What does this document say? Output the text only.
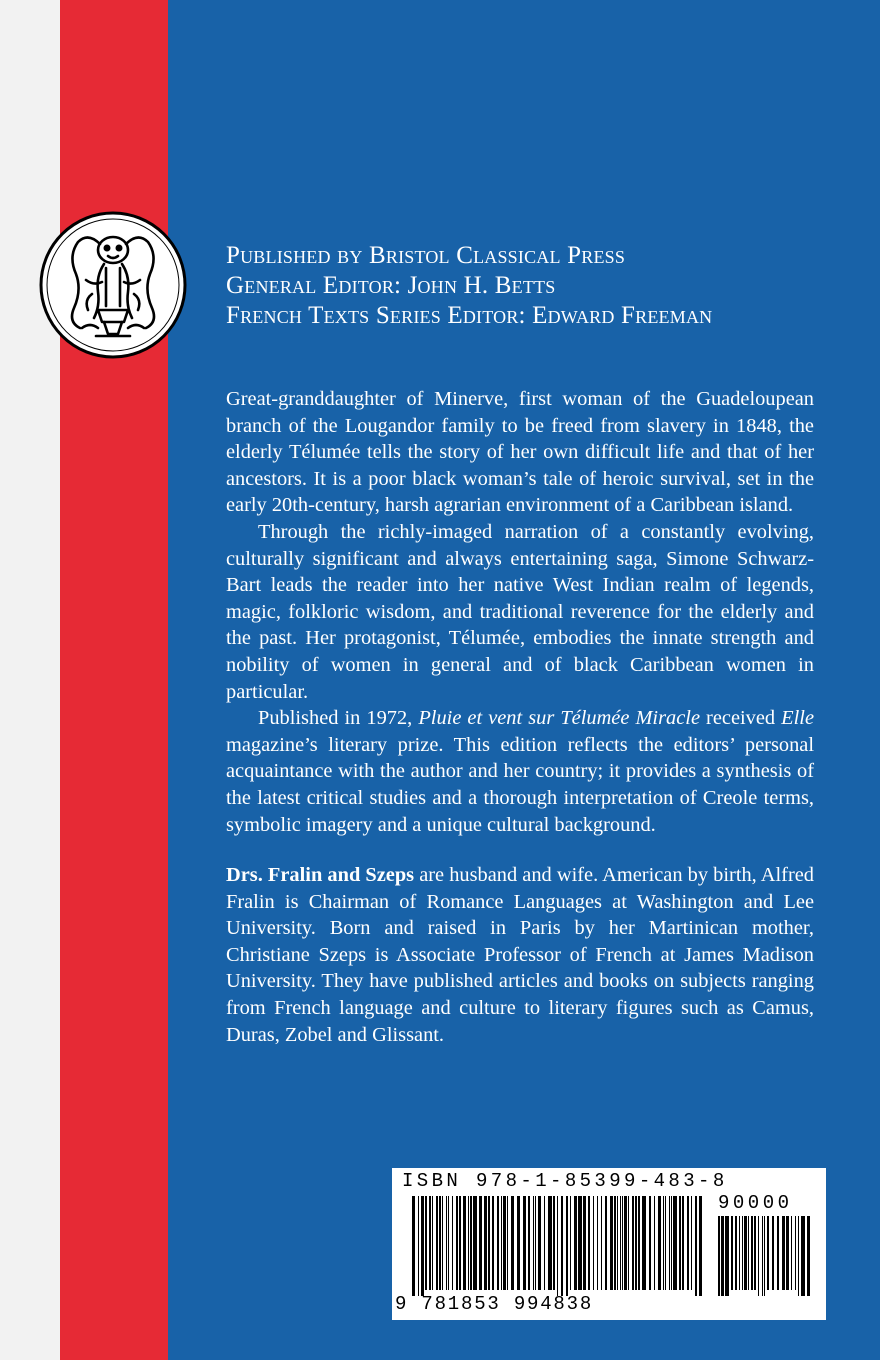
Published by Bristol Classical Press
General Editor: John H. Betts
French Texts Series Editor: Edward Freeman

Great-granddaughter of Minerve, first woman of the Guadeloupean branch of the Lougandor family to be freed from slavery in 1848, the elderly Télumée tells the story of her own difficult life and that of her ancestors. It is a poor black woman’s tale of heroic survival, set in the early 20th-century, harsh agrarian environment of a Caribbean island.

Through the richly-imaged narration of a constantly evolving, culturally significant and always entertaining saga, Simone Schwarz-Bart leads the reader into her native West Indian realm of legends, magic, folkloric wisdom, and traditional reverence for the elderly and the past. Her protagonist, Télumée, embodies the innate strength and nobility of women in general and of black Caribbean women in particular.

Published in 1972, Pluie et vent sur Télumée Miracle received Elle magazine’s literary prize. This edition reflects the editors’ personal acquaintance with the author and her country; it provides a synthesis of the latest critical studies and a thorough interpretation of Creole terms, symbolic imagery and a unique cultural background.

Drs. Fralin and Szeps are husband and wife. American by birth, Alfred Fralin is Chairman of Romance Languages at Washington and Lee University. Born and raised in Paris by her Martinican mother, Christiane Szeps is Associate Professor of French at James Madison University. They have published articles and books on subjects ranging from French language and culture to literary figures such as Camus, Duras, Zobel and Glissant.

ISBN 978-1-85399-483-8
90000
9 781853 994838
